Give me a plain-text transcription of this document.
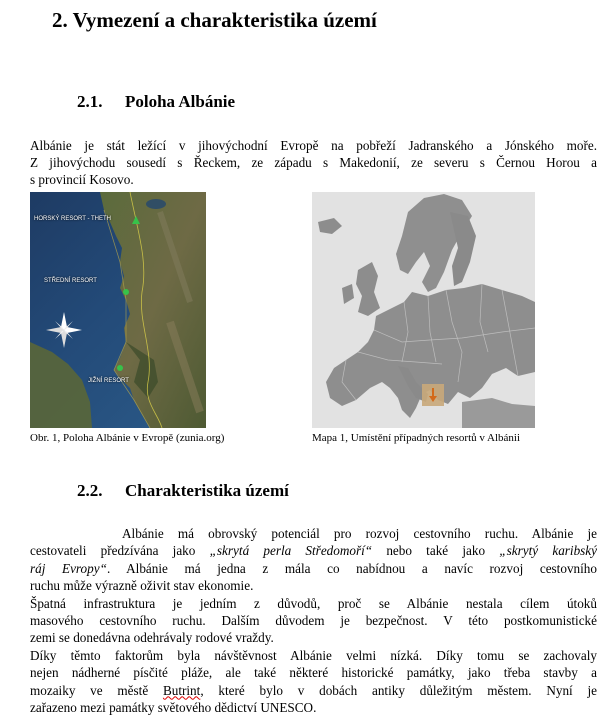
2. Vymezení a charakteristika území
2.1. Poloha Albánie
Albánie je stát ležící v jihovýchodní Evropě na pobřeží Jadranského a Jónského moře.
Z jihovýchodu sousedí s Řeckem, ze západu s Makedonií, ze severu s Černou Horou a
s provincií Kosovo.
HORSKÝ RESORT - THETH
STŘEDNÍ RESORT
JIŽNÍ RESORT
Obr. 1, Poloha Albánie v Evropě (zunia.org)	Mapa 1, Umístění případných resortů v Albánii
2.2. Charakteristika území
Albánie má obrovský potenciál pro rozvoj cestovního ruchu. Albánie je
cestovateli předzívána jako „skrytá perla Středomoří“ nebo také jako „skrytý karibský
ráj Evropy“. Albánie má jedna z mála co nabídnou a navíc rozvoj cestovního
ruchu může výrazně oživit stav ekonomie.
Špatná infrastruktura je jedním z důvodů, proč se Albánie nestala cílem útoků
masového cestovního ruchu. Dalším důvodem je bezpečnost. V této postkomunistické
zemi se donedávna odehrávaly rodové vraždy.
Díky těmto faktorům byla návštěvnost Albánie velmi nízká. Díky tomu se zachovaly
nejen nádherné písčité pláže, ale také některé historické památky, jako třeba stavby a
mozaiky ve městě Butrint, které bylo v dobách antiky důležitým městem. Nyní je
zařazeno mezi památky světového dědictví UNESCO.
